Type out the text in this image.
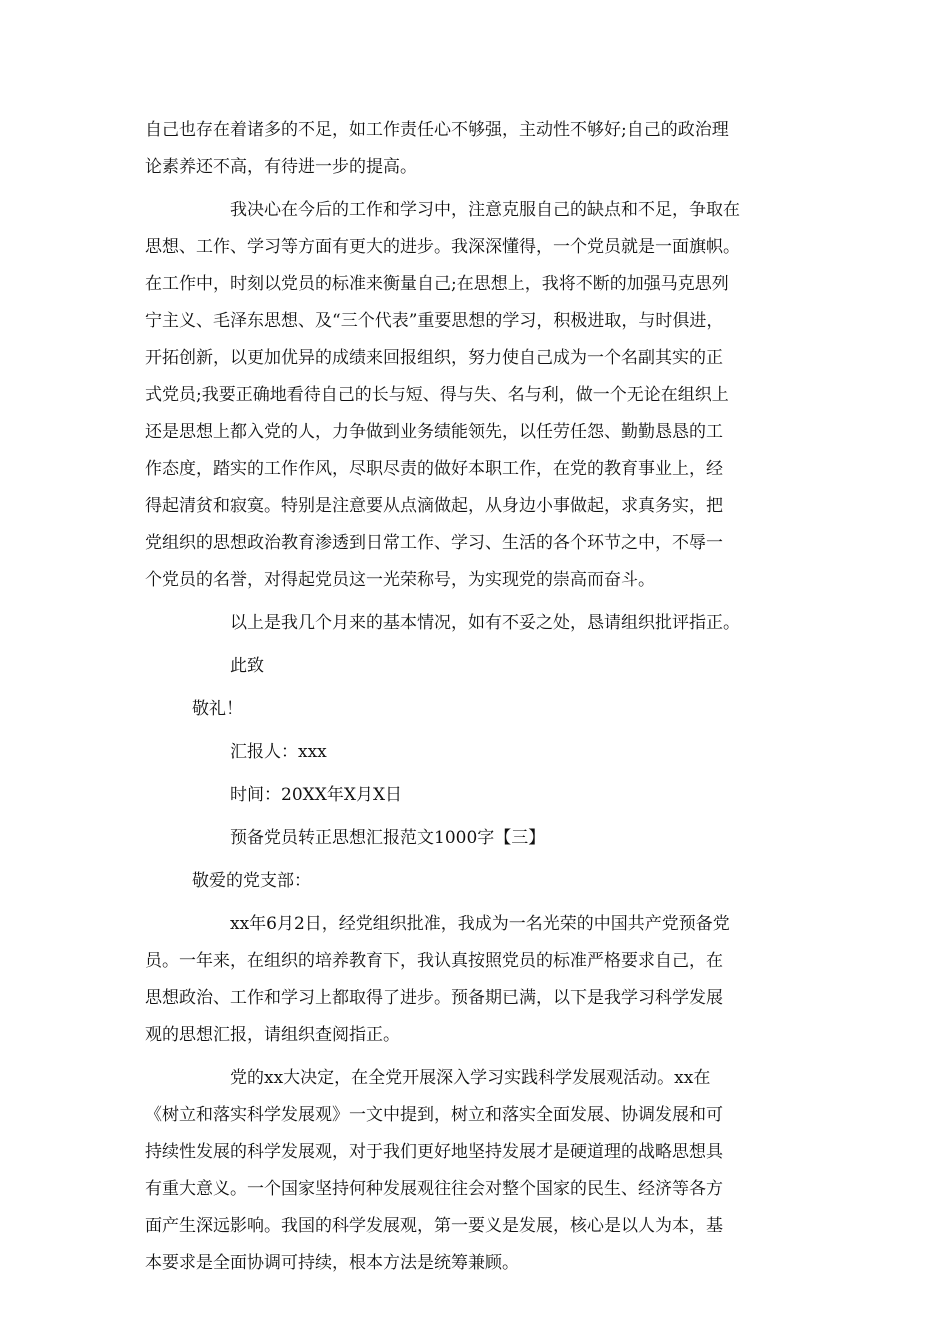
自己也存在着诸多的不足，如工作责任心不够强，主动性不够好;自己的政治理
论素养还不高，有待进一步的提高。

我决心在今后的工作和学习中，注意克服自己的缺点和不足，争取在
思想、工作、学习等方面有更大的进步。我深深懂得，一个党员就是一面旗帜。
在工作中，时刻以党员的标准来衡量自己;在思想上，我将不断的加强马克思列
宁主义、毛泽东思想、及“三个代表”重要思想的学习，积极进取，与时俱进，
开拓创新，以更加优异的成绩来回报组织，努力使自己成为一个名副其实的正
式党员;我要正确地看待自己的长与短、得与失、名与利，做一个无论在组织上
还是思想上都入党的人，力争做到业务绩能领先，以任劳任怨、勤勤恳恳的工
作态度，踏实的工作作风，尽职尽责的做好本职工作，在党的教育事业上，经
得起清贫和寂寞。特别是注意要从点滴做起，从身边小事做起，求真务实，把
党组织的思想政治教育渗透到日常工作、学习、生活的各个环节之中，不辱一
个党员的名誉，对得起党员这一光荣称号，为实现党的崇高而奋斗。

以上是我几个月来的基本情况，如有不妥之处，恳请组织批评指正。

此致

敬礼！

汇报人：xxx

时间：20XX年X月X日

预备党员转正思想汇报范文1000字【三】

敬爱的党支部：

xx年6月2日，经党组织批准，我成为一名光荣的中国共产党预备党
员。一年来，在组织的培养教育下，我认真按照党员的标准严格要求自己，在
思想政治、工作和学习上都取得了进步。预备期已满，以下是我学习科学发展
观的思想汇报，请组织查阅指正。

党的xx大决定，在全党开展深入学习实践科学发展观活动。xx在
《树立和落实科学发展观》一文中提到，树立和落实全面发展、协调发展和可
持续性发展的科学发展观，对于我们更好地坚持发展才是硬道理的战略思想具
有重大意义。一个国家坚持何种发展观往往会对整个国家的民生、经济等各方
面产生深远影响。我国的科学发展观，第一要义是发展，核心是以人为本，基
本要求是全面协调可持续，根本方法是统筹兼顾。
